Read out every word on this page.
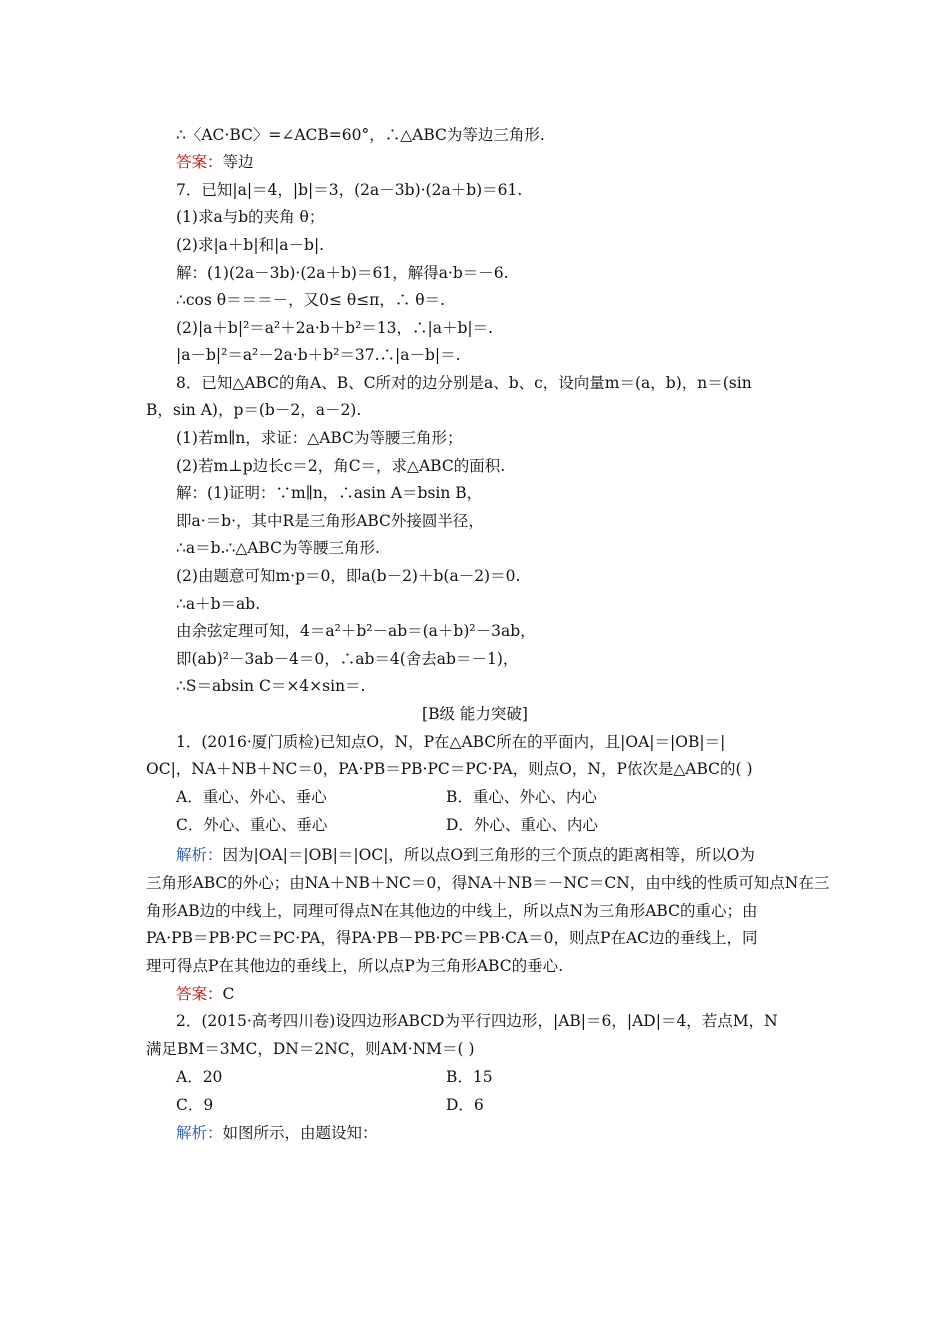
∴〈AC·BC〉=∠ACB=60°，∴△ABC为等边三角形.
答案：等边
7．已知|a|＝4，|b|＝3，(2a－3b)·(2a＋b)＝61.
(1)求a与b的夹角 θ；
(2)求|a＋b|和|a－b|.
解：(1)(2a－3b)·(2a＋b)＝61，解得a·b＝－6.
∴cos θ＝＝＝－，又0≤ θ≤π，∴ θ＝.
(2)|a＋b|²＝a²＋2a·b＋b²＝13，∴|a＋b|＝.
|a－b|²＝a²－2a·b＋b²＝37.∴|a－b|＝.
8．已知△ABC的角A、B、C所对的边分别是a、b、c，设向量m＝(a，b)，n＝(sin
B，sin A)，p＝(b－2，a－2).
(1)若m∥n，求证：△ABC为等腰三角形；
(2)若m⊥p边长c＝2，角C＝，求△ABC的面积.
解：(1)证明：∵m∥n，∴asin A＝bsin B，
即a·＝b·，其中R是三角形ABC外接圆半径，
∴a＝b.∴△ABC为等腰三角形.
(2)由题意可知m·p＝0，即a(b－2)＋b(a－2)＝0.
∴a＋b＝ab.
由余弦定理可知，4＝a²＋b²－ab＝(a＋b)²－3ab，
即(ab)²－3ab－4＝0，∴ab＝4(舍去ab＝－1)，
∴S＝absin C＝×4×sin＝.
[B级 能力突破]
1．(2016·厦门质检)已知点O，N，P在△ABC所在的平面内，且|OA|＝|OB|＝|
OC|，NA＋NB＋NC＝0，PA·PB＝PB·PC＝PC·PA，则点O，N，P依次是△ABC的( )
A．重心、外心、垂心	B．重心、外心、内心
C．外心、重心、垂心	D．外心、重心、内心
解析：因为|OA|＝|OB|＝|OC|，所以点O到三角形的三个顶点的距离相等，所以O为
三角形ABC的外心；由NA＋NB＋NC＝0，得NA＋NB＝－NC＝CN，由中线的性质可知点N在三
角形AB边的中线上，同理可得点N在其他边的中线上，所以点N为三角形ABC的重心；由
PA·PB＝PB·PC＝PC·PA，得PA·PB－PB·PC＝PB·CA＝0，则点P在AC边的垂线上，同
理可得点P在其他边的垂线上，所以点P为三角形ABC的垂心.
答案：C
2．(2015·高考四川卷)设四边形ABCD为平行四边形，|AB|＝6，|AD|＝4，若点M，N
满足BM＝3MC，DN＝2NC，则AM·NM＝( )
A．20	B．15
C．9	D．6
解析：如图所示，由题设知：
